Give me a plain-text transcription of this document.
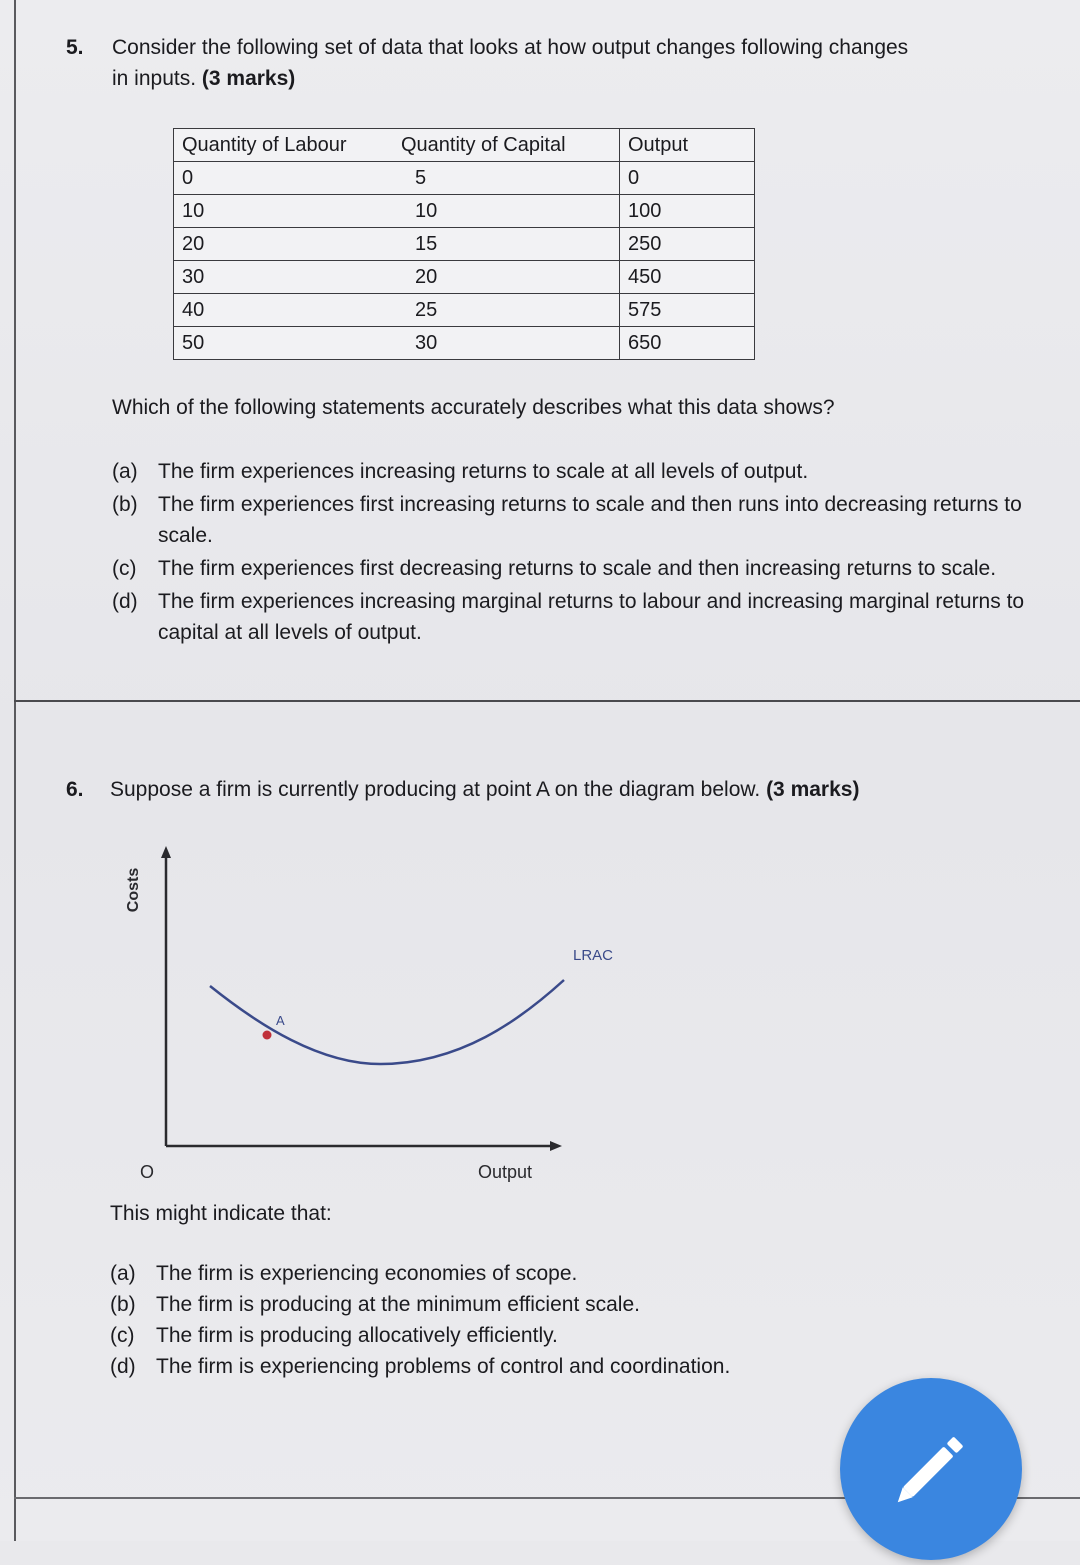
5. Consider the following set of data that looks at how output changes following changes
in inputs. (3 marks)
Quantity of Labour	Quantity of Capital	Output
0	5	0
10	10	100
20	15	250
30	20	450
40	25	575
50	30	650
Which of the following statements accurately describes what this data shows?
(a) The firm experiences increasing returns to scale at all levels of output.
(b) The firm experiences first increasing returns to scale and then runs into decreasing returns to scale.
(c) The firm experiences first decreasing returns to scale and then increasing returns to scale.
(d) The firm experiences increasing marginal returns to labour and increasing marginal returns to capital at all levels of output.
6. Suppose a firm is currently producing at point A on the diagram below. (3 marks)
Costs
Output
O
LRAC
A
This might indicate that:
(a) The firm is experiencing economies of scope.
(b) The firm is producing at the minimum efficient scale.
(c) The firm is producing allocatively efficiently.
(d) The firm is experiencing problems of control and coordination.
